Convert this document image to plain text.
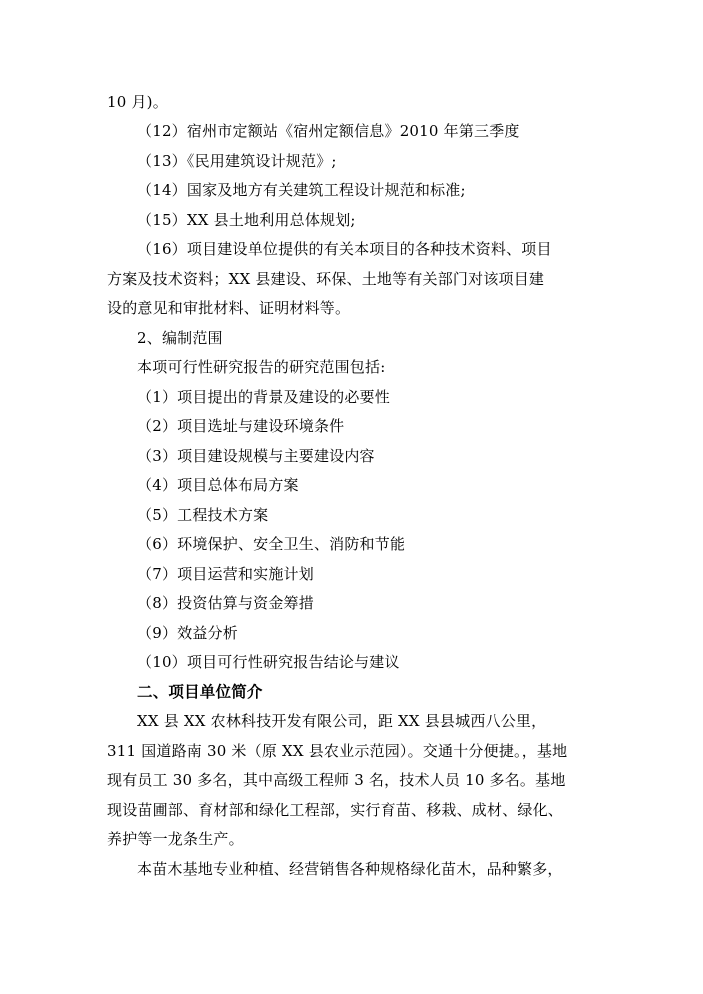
10 月)。
（12）宿州市定额站《宿州定额信息》2010 年第三季度
（13）《民用建筑设计规范》;
（14）国家及地方有关建筑工程设计规范和标准;
（15）XX 县土地利用总体规划;
（16）项目建设单位提供的有关本项目的各种技术资料、项目
方案及技术资料；XX 县建设、环保、土地等有关部门对该项目建
设的意见和审批材料、证明材料等。
2、编制范围
本项可行性研究报告的研究范围包括:
（1）项目提出的背景及建设的必要性
（2）项目选址与建设环境条件
（3）项目建设规模与主要建设内容
（4）项目总体布局方案
（5）工程技术方案
（6）环境保护、安全卫生、消防和节能
（7）项目运营和实施计划
（8）投资估算与资金筹措
（9）效益分析
（10）项目可行性研究报告结论与建议
二、项目单位简介
XX 县 XX 农林科技开发有限公司，距 XX 县县城西八公里，
311 国道路南 30 米（原 XX 县农业示范园）。交通十分便捷。，基地
现有员工 30 多名，其中高级工程师 3 名，技术人员 10 多名。基地
现设苗圃部、育材部和绿化工程部，实行育苗、移栽、成材、绿化、
养护等一龙条生产。
本苗木基地专业种植、经营销售各种规格绿化苗木，品种繁多，
